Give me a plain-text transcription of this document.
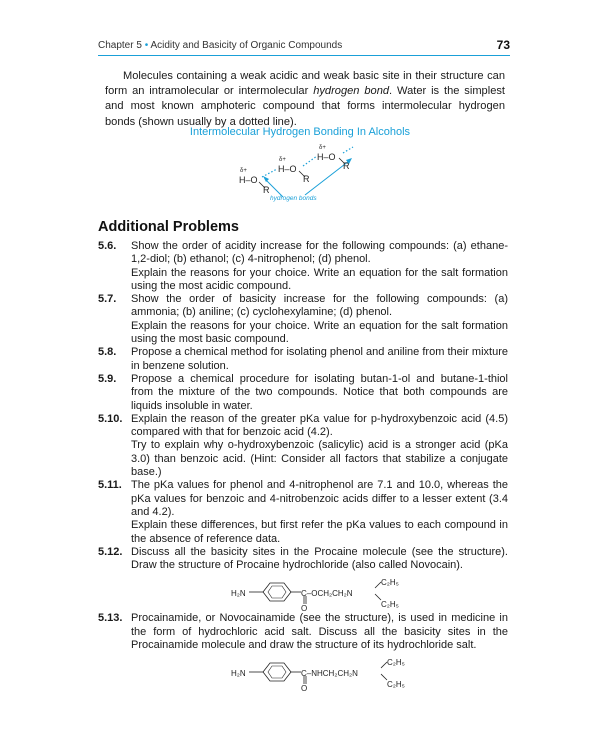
Chapter 5 • Acidity and Basicity of Organic Compounds	73

Molecules containing a weak acidic and weak basic site in their structure can form an intramolecular or intermolecular hydrogen bond. Water is the simplest and most known amphoteric compound that forms intermolecular hydrogen bonds (shown usually by a dotted line).

Intermolecular Hydrogen Bonding In Alcohols
δ+
H–O
R
δ+
H–O
R
δ+
H–O
R
hydrogen bonds
Additional Problems
5.6. Show the order of acidity increase for the following compounds: (a) ethane-1,2-diol; (b) ethanol; (c) 4-nitrophenol; (d) phenol.
Explain the reasons for your choice. Write an equation for the salt formation using the most acidic compound.
5.7. Show the order of basicity increase for the following compounds: (a) ammonia; (b) aniline; (c) cyclohexylamine; (d) phenol.
Explain the reasons for your choice. Write an equation for the salt formation using the most basic compound.
5.8. Propose a chemical method for isolating phenol and aniline from their mixture in benzene solution.
5.9. Propose a chemical procedure for isolating butan-1-ol and butane-1-thiol from the mixture of the two compounds. Notice that both compounds are liquids insoluble in water.
5.10. Explain the reason of the greater pKa value for p-hydroxybenzoic acid (4.5) compared with that for benzoic acid (4.2).
Try to explain why o-hydroxybenzoic (salicylic) acid is a stronger acid (pKa 3.0) than benzoic acid. (Hint: Consider all factors that stabilize a conjugate base.)
5.11. The pKa values for phenol and 4-nitrophenol are 7.1 and 10.0, whereas the pKa values for benzoic and 4-nitrobenzoic acids differ to a lesser extent (3.4 and 4.2).
Explain these differences, but first refer the pKa values to each compound in the absence of reference data.
5.12. Discuss all the basicity sites in the Procaine molecule (see the structure). Draw the structure of Procaine hydrochloride (also called Novocain).
H₂N	C–OCH₂CH₂N
O
C₂H₅
C₂H₅
5.13. Procainamide, or Novocainamide (see the structure), is used in medicine in the form of hydrochloric acid salt. Discuss all the basicity sites in the Procainamide molecule and draw the structure of its hydrochloride salt.
H₂N	C–NHCH₂CH₂N
O
C₂H₅
C₂H₅
